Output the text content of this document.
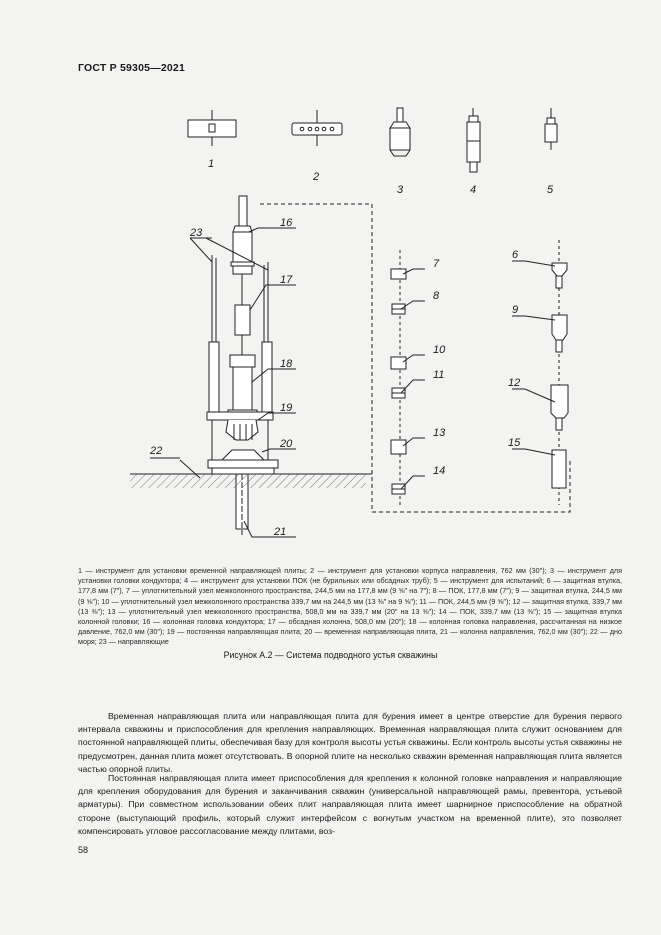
ГОСТ Р 59305—2021
1
2
3	4	5
16
17
18
19
20
21
22
23
7
8
10
11
13
14
6
9
12
15
1 — инструмент для установки временной направляющей плиты; 2 — инструмент для установки корпуса направления, 762 мм (30″); 3 — инструмент для установки головки кондуктора; 4 — инструмент для установки ПОК (не бурильных или обсадных труб); 5 — инструмент для испытаний; 6 — защитная втулка, 177,8 мм (7″), 7 — уплотнительный узел межколонного пространства, 244,5 мм на 177,8 мм (9 ⅝″ на 7″); 8 — ПОК, 177,8 мм (7″); 9 — защитная втулка, 244,5 мм (9 ⅝″); 10 — уплотнительный узел межколонного пространства 339,7 мм на 244,5 мм (13 ⅜″ на 9 ⅝″); 11 — ПОК, 244,5 мм (9 ⅝″); 12 — защитная втулка, 339,7 мм (13 ⅜″); 13 — уплотнительный узел межколонного пространства, 508,0 мм на 339,7 мм (20″ на 13 ⅜″); 14 — ПОК, 339,7 мм (13 ⅜″); 15 — защитная втулка колонной головки; 16 — колонная головка кондуктора; 17 — обсадная колонна, 508,0 мм (20″); 18 — колонная головка направления, рассчитанная на низкое давление, 762,0 мм (30″); 19 — постоянная направляющая плита; 20 — временная направляющая плита, 21 — колонна направления, 762,0 мм (30″); 22 — дно моря; 23 — направляющие
Рисунок А.2 — Система подводного устья скважины

Временная направляющая плита или направляющая плита для бурения имеет в центре отверстие для бурения первого интервала скважины и приспособления для крепления направляющих. Временная направляющая плита служит основанием для постоянной направляющей плиты, обеспечивая базу для контроля высоты устья скважины. Если контроль высоты устья скважины не предусмотрен, данная плита может отсутствовать. В опорной плите на несколько скважин временная направляющая плита является частью опорной плиты.

Постоянная направляющая плита имеет приспособления для крепления к колонной головке направления и направляющие для крепления оборудования для бурения и заканчивания скважин (универсальной направляющей рамы, превентора, устьевой арматуры). При совместном использовании обеих плит направляющая плита имеет шарнирное приспособление на обратной стороне (выступающий профиль, который служит интерфейсом с вогнутым участком на временной плите), это позволяет компенсировать угловое рассогласование между плитами, воз-

58
